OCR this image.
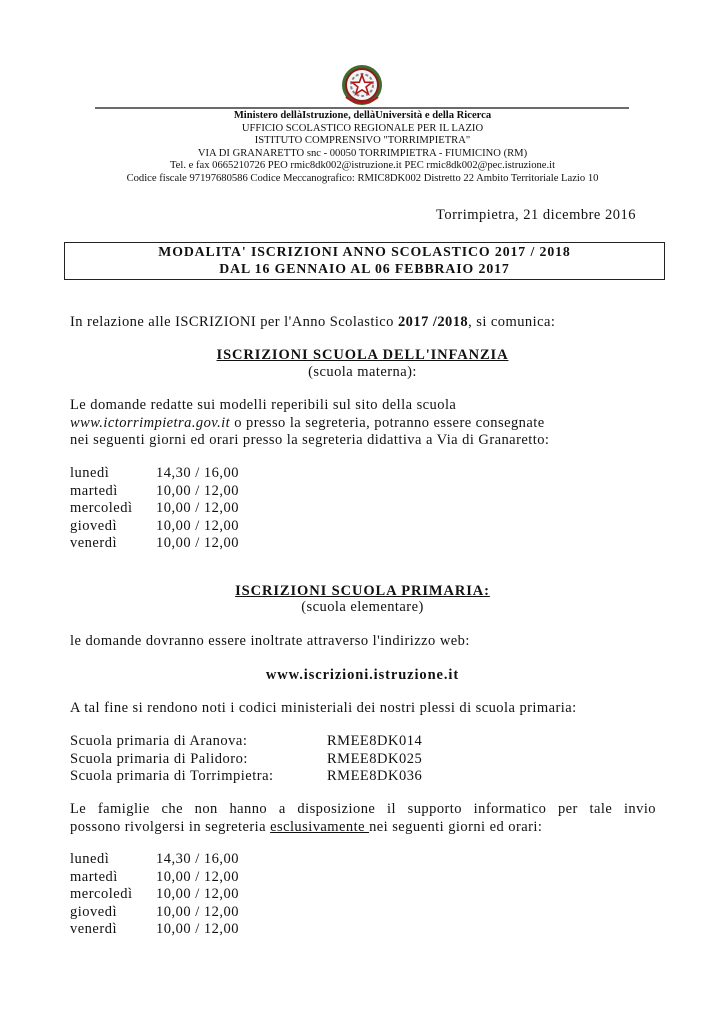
Ministero dellàIstruzione, dellàUniversità e della Ricerca
UFFICIO SCOLASTICO REGIONALE PER IL LAZIO
ISTITUTO COMPRENSIVO "TORRIMPIETRA"
VIA DI GRANARETTO snc - 00050 TORRIMPIETRA - FIUMICINO (RM)
Tel. e fax 0665210726 PEO rmic8dk002@istruzione.it PEC rmic8dk002@pec.istruzione.it
Codice fiscale 97197680586 Codice Meccanografico: RMIC8DK002 Distretto 22 Ambito Territoriale Lazio 10
Torrimpietra, 21 dicembre 2016
MODALITA' ISCRIZIONI ANNO SCOLASTICO 2017 / 2018
DAL 16 GENNAIO AL 06 FEBBRAIO 2017
In relazione alle ISCRIZIONI per l'Anno Scolastico 2017 /2018, si comunica:
ISCRIZIONI SCUOLA DELL'INFANZIA
(scuola materna):
Le domande redatte sui modelli reperibili sul sito della scuola
www.ictorrimpietra.gov.it o presso la segreteria, potranno essere consegnate
nei seguenti giorni ed orari presso la segreteria didattiva a Via di Granaretto:
lunedì	14,30 / 16,00
martedì	10,00 / 12,00
mercoledì	10,00 / 12,00
giovedì	10,00 / 12,00
venerdì	10,00 / 12,00
ISCRIZIONI SCUOLA PRIMARIA:
(scuola elementare)
le domande dovranno essere inoltrate attraverso l'indirizzo web:
www.iscrizioni.istruzione.it
A tal fine si rendono noti i codici ministeriali dei nostri plessi di scuola primaria:
Scuola primaria di Aranova:	RMEE8DK014
Scuola primaria di Palidoro:	RMEE8DK025
Scuola primaria di Torrimpietra:	RMEE8DK036
Le famiglie che non hanno a disposizione il supporto informatico per tale invio
possono rivolgersi in segreteria esclusivamente nei seguenti giorni ed orari:
lunedì	14,30 / 16,00
martedì	10,00 / 12,00
mercoledì	10,00 / 12,00
giovedì	10,00 / 12,00
venerdì	10,00 / 12,00
